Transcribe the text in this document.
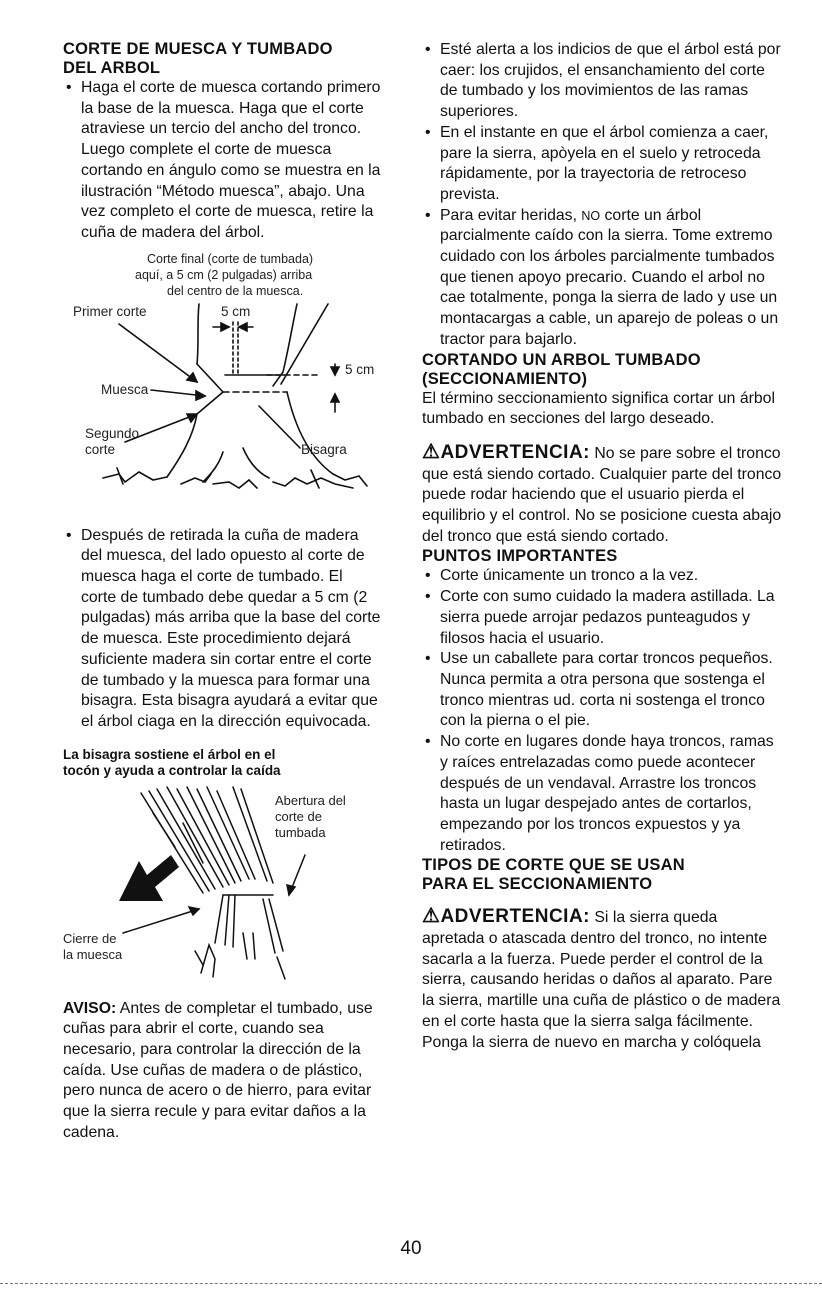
CORTE DE MUESCA Y TUMBADO
DEL ARBOL
• Haga el corte de muesca cortando primero la base de la muesca. Haga que el corte atraviese un tercio del ancho del tronco. Luego complete el corte de muesca cortando en ángulo como se muestra en la ilustración “Método muesca”, abajo. Una vez completo el corte de muesca, retire la cuña de madera del árbol.
Corte final (corte de tumbada)
aquí, a 5 cm (2 pulgadas) arriba
del centro de la muesca.
Primer corte	5 cm
5 cm
Muesca
Segundo
corte	Bisagra
• Después de retirada la cuña de madera del muesca, del lado opuesto al corte de muesca haga el corte de tumbado. El corte de tumbado debe quedar a 5 cm (2 pulgadas) más arriba que la base del corte de muesca. Este procedimiento dejará suficiente madera sin cortar entre el corte de tumbado y la muesca para formar una bisagra. Esta bisagra ayudará a evitar que el árbol ciaga en la dirección equivocada.
La bisagra sostiene el árbol en el
tocón y ayuda a controlar la caída
Abertura del
corte de
tumbada
Cierre de
la muesca

AVISO: Antes de completar el tumbado, use cuñas para abrir el corte, cuando sea necesario, para controlar la dirección de la caída. Use cuñas de madera o de plástico, pero nunca de acero o de hierro, para evitar que la sierra recule y para evitar daños a la cadena.

• Esté alerta a los indicios de que el árbol está por caer: los crujidos, el ensanchamiento del corte de tumbado y los movimientos de las ramas superiores.
• En el instante en que el árbol comienza a caer, pare la sierra, apòyela en el suelo y retroceda rápidamente, por la trayectoria de retroceso prevista.
• Para evitar heridas, NO corte un árbol parcialmente caído con la sierra. Tome extremo cuidado con los árboles parcialmente tumbados que tienen apoyo precario. Cuando el arbol no cae totalmente, ponga la sierra de lado y use un montacargas a cable, un aparejo de poleas o un tractor para bajarlo.
CORTANDO UN ARBOL TUMBADO
(SECCIONAMIENTO)

El término seccionamiento significa cortar un árbol tumbado en secciones del largo deseado.

⚠ADVERTENCIA: No se pare sobre el tronco que está siendo cortado. Cualquier parte del tronco puede rodar haciendo que el usuario pierda el equilibrio y el control. No se posicione cuesta abajo del tronco que está siendo cortado.

PUNTOS IMPORTANTES
• Corte únicamente un tronco a la vez.
• Corte con sumo cuidado la madera astillada. La sierra puede arrojar pedazos punteagudos y filosos hacia el usuario.
• Use un caballete para cortar troncos pequeños. Nunca permita a otra persona que sostenga el tronco mientras ud. corta ni sostenga el tronco con la pierna o el pie.
• No corte en lugares donde haya troncos, ramas y raíces entrelazadas como puede acontecer después de un vendaval. Arrastre los troncos hasta un lugar despejado antes de cortarlos, empezando por los troncos expuestos y ya retirados.
TIPOS DE CORTE QUE SE USAN
PARA EL SECCIONAMIENTO

⚠ADVERTENCIA: Si la sierra queda apretada o atascada dentro del tronco, no intente sacarla a la fuerza. Puede perder el control de la sierra, causando heridas o daños al aparato. Pare la sierra, martille una cuña de plástico o de madera en el corte hasta que la sierra salga fácilmente. Ponga la sierra de nuevo en marcha y colóquela

40
